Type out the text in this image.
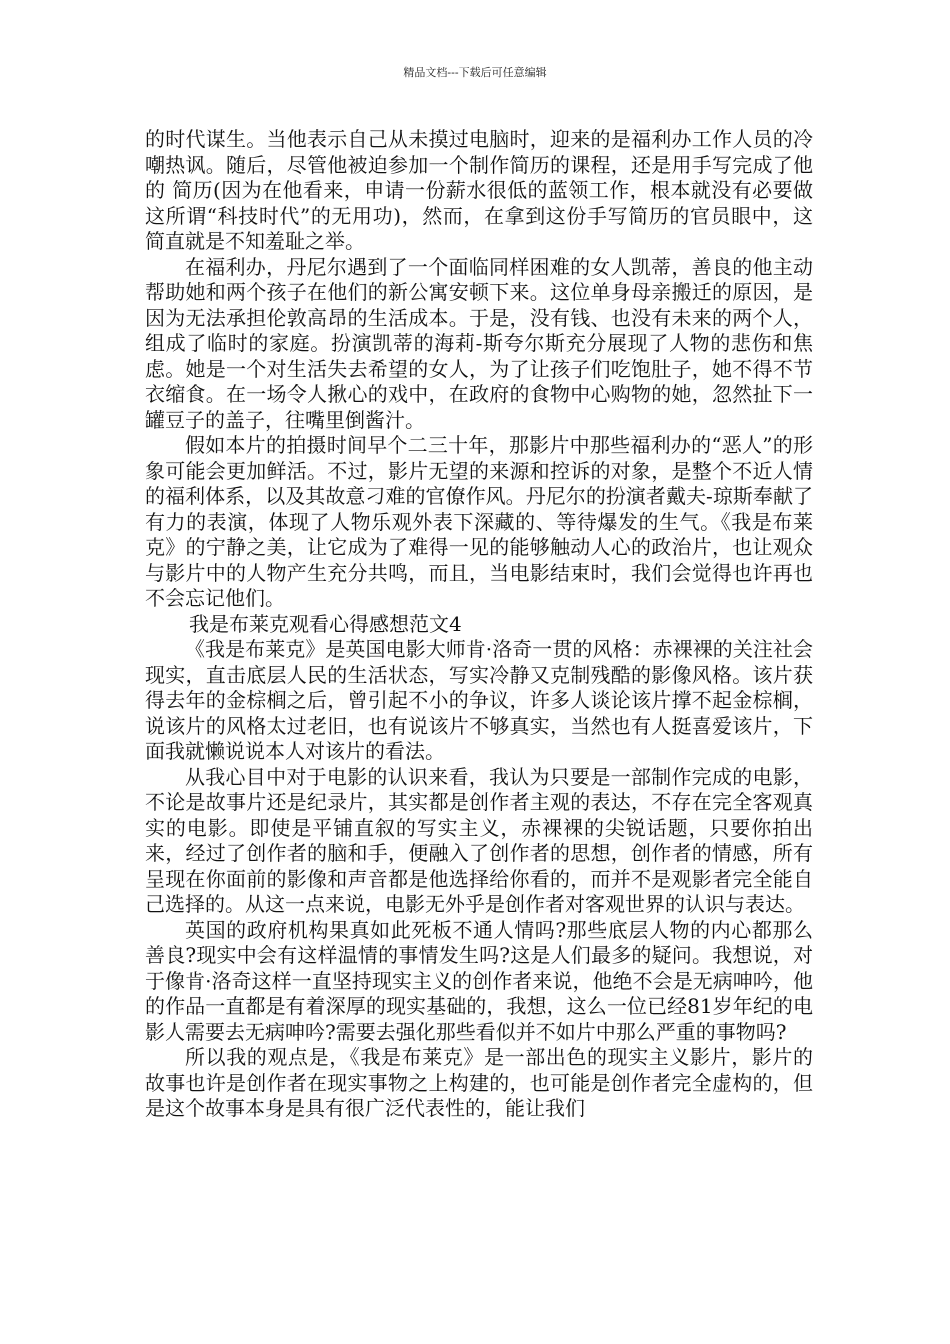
精品文档---下载后可任意编辑

的时代谋生。当他表示自己从未摸过电脑时，迎来的是福利办工作人员的冷嘲热讽。随后，尽管他被迫参加一个制作简历的课程，还是用手写完成了他的 简历(因为在他看来，申请一份薪水很低的蓝领工作，根本就没有必要做这所谓“科技时代”的无用功)，然而，在拿到这份手写简历的官员眼中，这简直就是不知羞耻之举。

在福利办，丹尼尔遇到了一个面临同样困难的女人凯蒂，善良的他主动帮助她和两个孩子在他们的新公寓安顿下来。这位单身母亲搬迁的原因，是因为无法承担伦敦高昂的生活成本。于是，没有钱、也没有未来的两个人，组成了临时的家庭。扮演凯蒂的海莉-斯夸尔斯充分展现了人物的悲伤和焦虑。她是一个对生活失去希望的女人，为了让孩子们吃饱肚子，她不得不节衣缩食。在一场令人揪心的戏中，在政府的食物中心购物的她，忽然扯下一罐豆子的盖子，往嘴里倒酱汁。

假如本片的拍摄时间早个二三十年，那影片中那些福利办的“恶人”的形象可能会更加鲜活。不过，影片无望的来源和控诉的对象，是整个不近人情的福利体系，以及其故意刁难的官僚作风。丹尼尔的扮演者戴夫-琼斯奉献了有力的表演，体现了人物乐观外表下深藏的、等待爆发的生气。《我是布莱克》的宁静之美，让它成为了难得一见的能够触动人心的政治片，也让观众与影片中的人物产生充分共鸣，而且，当电影结束时，我们会觉得也许再也不会忘记他们。

我是布莱克观看心得感想范文4

《我是布莱克》是英国电影大师肯·洛奇一贯的风格：赤裸裸的关注社会现实，直击底层人民的生活状态，写实冷静又克制残酷的影像风格。该片获得去年的金棕榈之后，曾引起不小的争议，许多人谈论该片撑不起金棕榈，说该片的风格太过老旧，也有说该片不够真实，当然也有人挺喜爱该片，下面我就懒说说本人对该片的看法。

从我心目中对于电影的认识来看，我认为只要是一部制作完成的电影，不论是故事片还是纪录片，其实都是创作者主观的表达，不存在完全客观真实的电影。即使是平铺直叙的写实主义，赤裸裸的尖锐话题，只要你拍出来，经过了创作者的脑和手，便融入了创作者的思想，创作者的情感，所有呈现在你面前的影像和声音都是他选择给你看的，而并不是观影者完全能自己选择的。从这一点来说，电影无外乎是创作者对客观世界的认识与表达。

英国的政府机构果真如此死板不通人情吗?那些底层人物的内心都那么善良?现实中会有这样温情的事情发生吗?这是人们最多的疑问。我想说，对于像肯·洛奇这样一直坚持现实主义的创作者来说，他绝不会是无病呻吟，他的作品一直都是有着深厚的现实基础的，我想，这么一位已经81岁年纪的电影人需要去无病呻吟?需要去强化那些看似并不如片中那么严重的事物吗?

所以我的观点是，《我是布莱克》是一部出色的现实主义影片，影片的故事也许是创作者在现实事物之上构建的，也可能是创作者完全虚构的，但是这个故事本身是具有很广泛代表性的，能让我们
